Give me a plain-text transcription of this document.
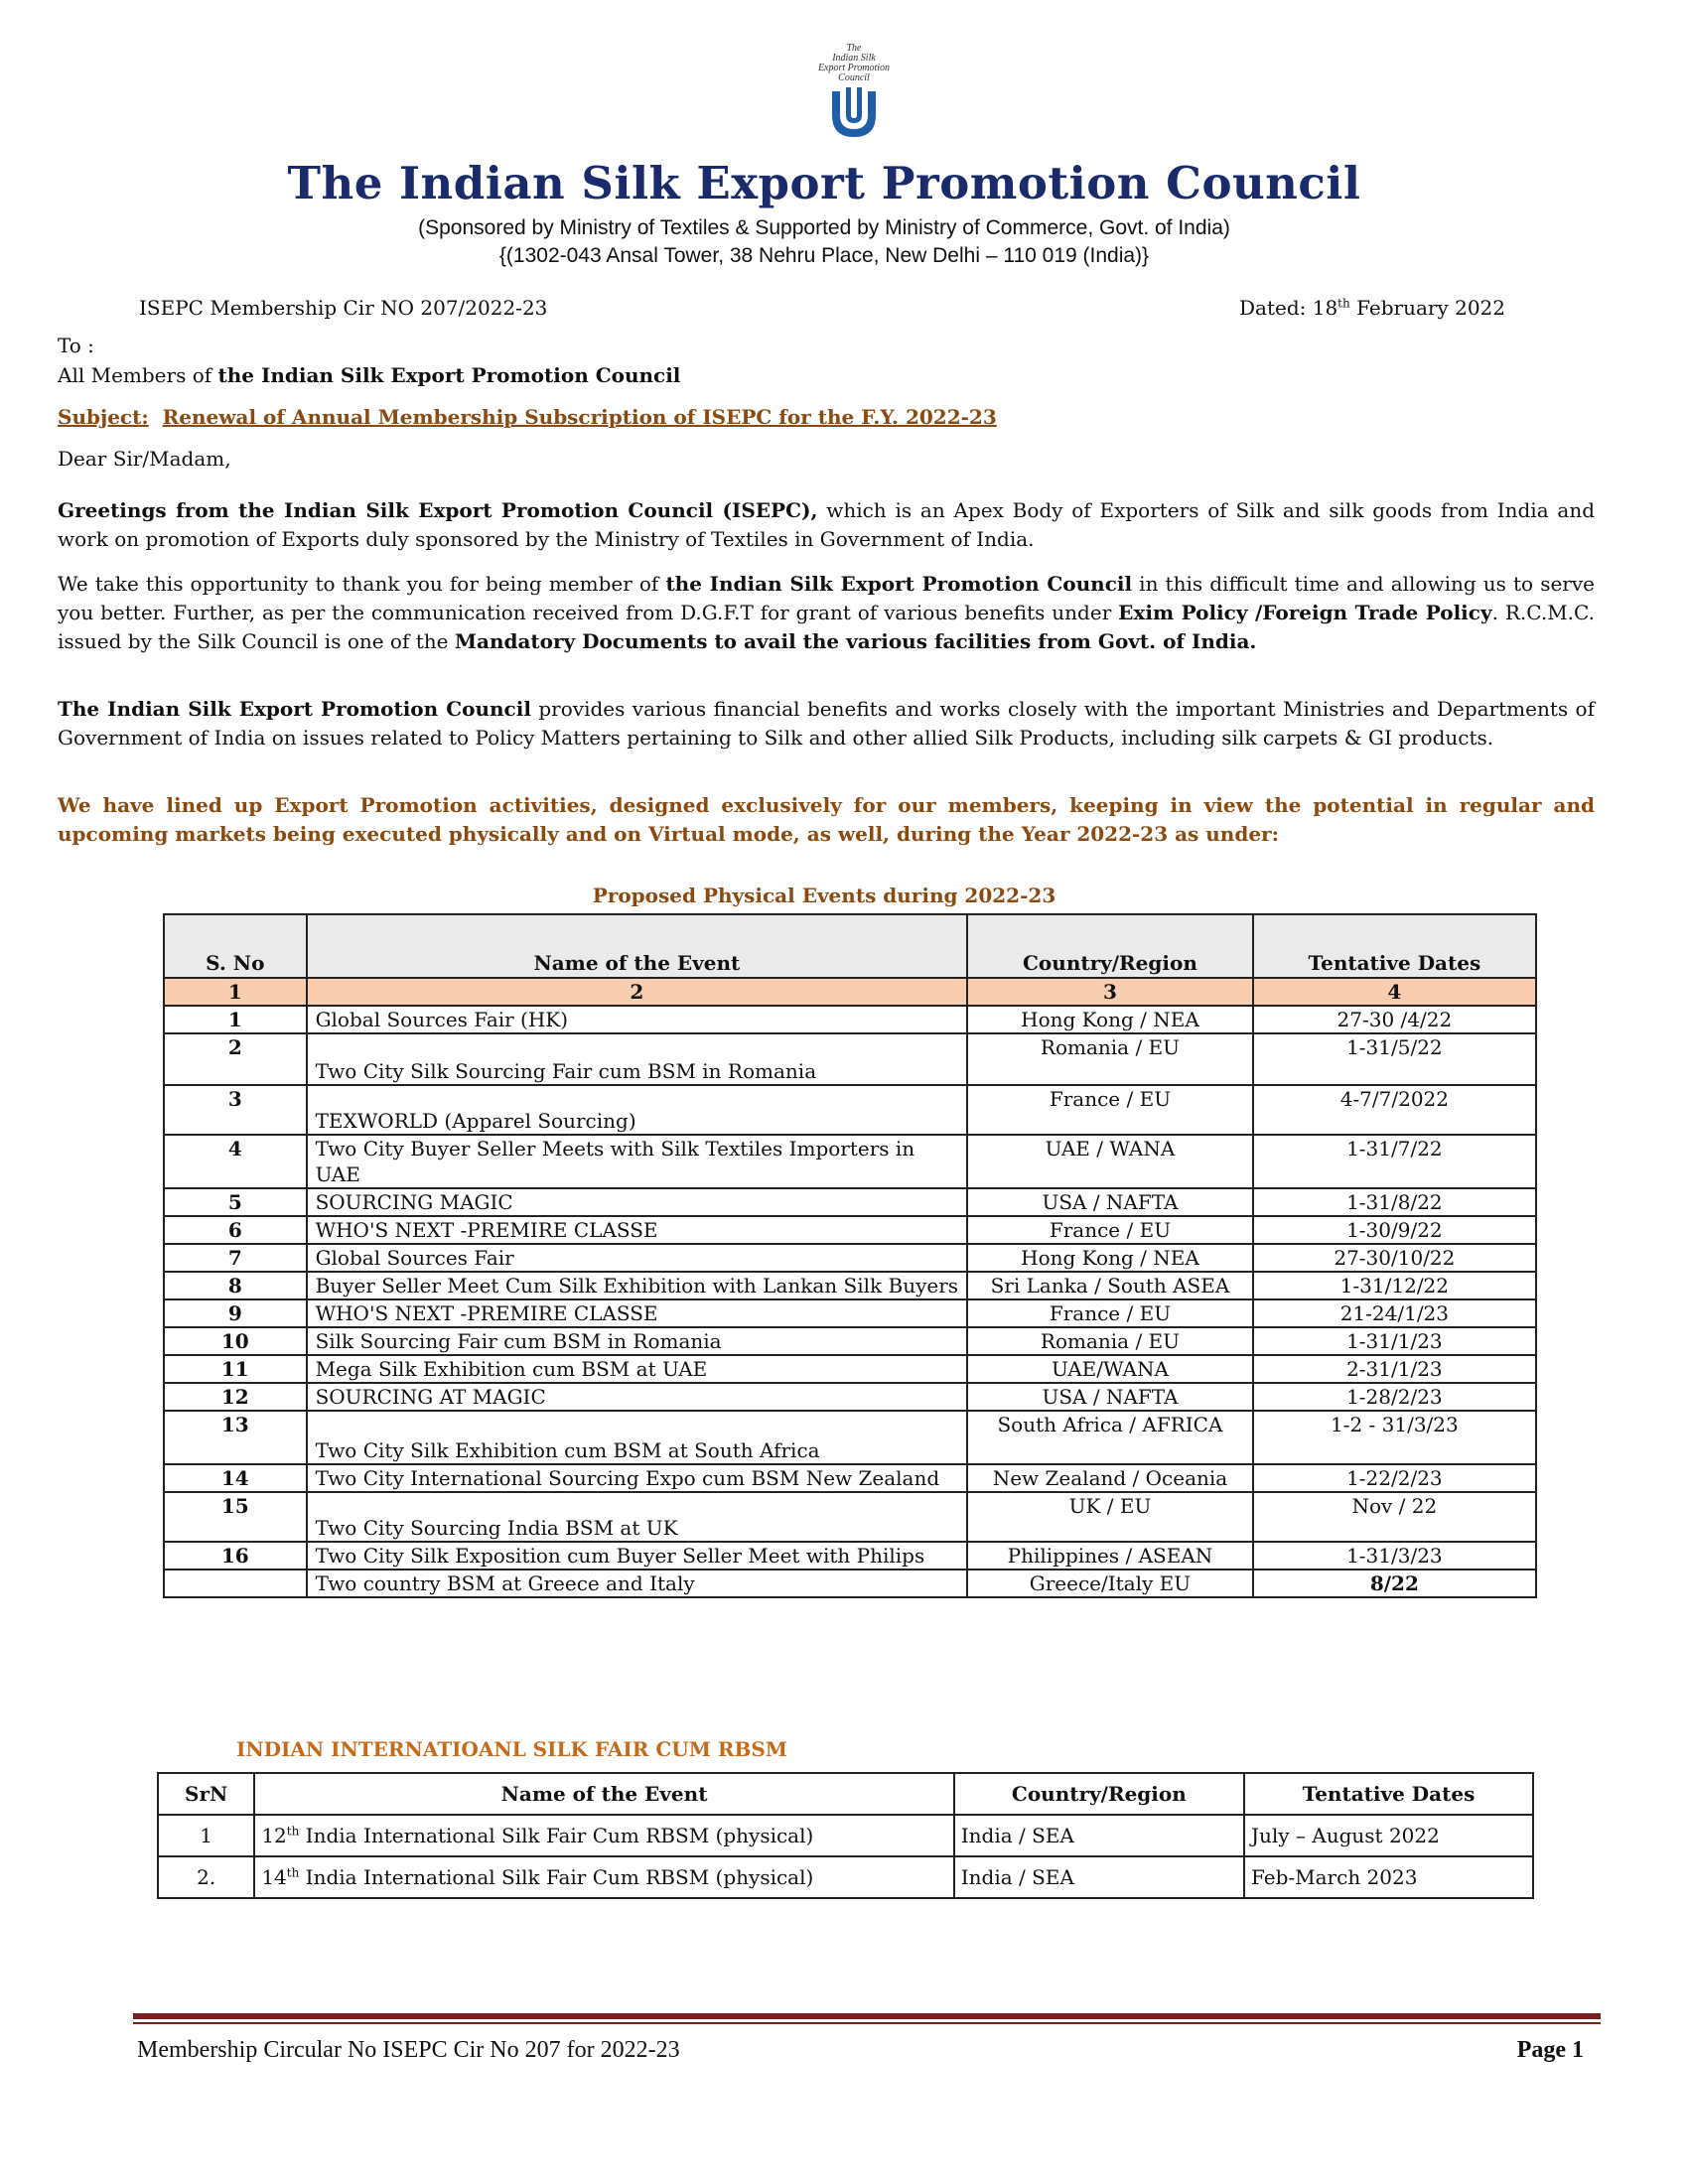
The
Indian Silk
Export Promotion
Council
The Indian Silk Export Promotion Council
(Sponsored by Ministry of Textiles & Supported by Ministry of Commerce, Govt. of India)
{(1302-043 Ansal Tower, 38 Nehru Place, New Delhi – 110 019 (India)}
ISEPC Membership Cir NO 207/2022-23	Dated: 18th February 2022
To :
All Members of the Indian Silk Export Promotion Council
Subject: Renewal of Annual Membership Subscription of ISEPC for the F.Y. 2022-23
Dear Sir/Madam,
Greetings from the Indian Silk Export Promotion Council (ISEPC), which is an Apex Body of Exporters of Silk and silk goods from India and work on promotion of Exports duly sponsored by the Ministry of Textiles in Government of India.
We take this opportunity to thank you for being member of the Indian Silk Export Promotion Council in this difficult time and allowing us to serve you better. Further, as per the communication received from D.G.F.T for grant of various benefits under Exim Policy /Foreign Trade Policy. R.C.M.C. issued by the Silk Council is one of the Mandatory Documents to avail the various facilities from Govt. of India.
The Indian Silk Export Promotion Council provides various financial benefits and works closely with the important Ministries and Departments of Government of India on issues related to Policy Matters pertaining to Silk and other allied Silk Products, including silk carpets & GI products.
We have lined up Export Promotion activities, designed exclusively for our members, keeping in view the potential in regular and upcoming markets being executed physically and on Virtual mode, as well, during the Year 2022-23 as under:
Proposed Physical Events during 2022-23
S. No	Name of the Event	Country/Region	Tentative Dates
1	2	3	4
1	Global Sources Fair (HK)	Hong Kong / NEA	27-30 /4/22
2	Two City Silk Sourcing Fair cum BSM in Romania	Romania / EU	1-31/5/22
3	TEXWORLD (Apparel Sourcing)	France / EU	4-7/7/2022
4	Two City Buyer Seller Meets with Silk Textiles Importers in UAE	UAE / WANA	1-31/7/22
5	SOURCING MAGIC	USA / NAFTA	1-31/8/22
6	WHO'S NEXT -PREMIRE CLASSE	France / EU	1-30/9/22
7	Global Sources Fair	Hong Kong / NEA	27-30/10/22
8	Buyer Seller Meet Cum Silk Exhibition with Lankan Silk Buyers	Sri Lanka / South ASEA	1-31/12/22
9	WHO'S NEXT -PREMIRE CLASSE	France / EU	21-24/1/23
10	Silk Sourcing Fair cum BSM in Romania	Romania / EU	1-31/1/23
11	Mega Silk Exhibition cum BSM at UAE	UAE/WANA	2-31/1/23
12	SOURCING AT MAGIC	USA / NAFTA	1-28/2/23
13	Two City Silk Exhibition cum BSM at South Africa	South Africa / AFRICA	1-2 - 31/3/23
14	Two City International Sourcing Expo cum BSM New Zealand	New Zealand / Oceania	1-22/2/23
15	Two City Sourcing India BSM at UK	UK / EU	Nov / 22
16	Two City Silk Exposition cum Buyer Seller Meet with Philips	Philippines / ASEAN	1-31/3/23
	Two country BSM at Greece and Italy	Greece/Italy EU	8/22
INDIAN INTERNATIOANL SILK FAIR CUM RBSM
SrN	Name of the Event	Country/Region	Tentative Dates
1	12th India International Silk Fair Cum RBSM (physical)	India / SEA	July – August 2022
2.	14th India International Silk Fair Cum RBSM (physical)	India / SEA	Feb-March 2023
Membership Circular No ISEPC Cir No 207 for 2022-23	Page 1
